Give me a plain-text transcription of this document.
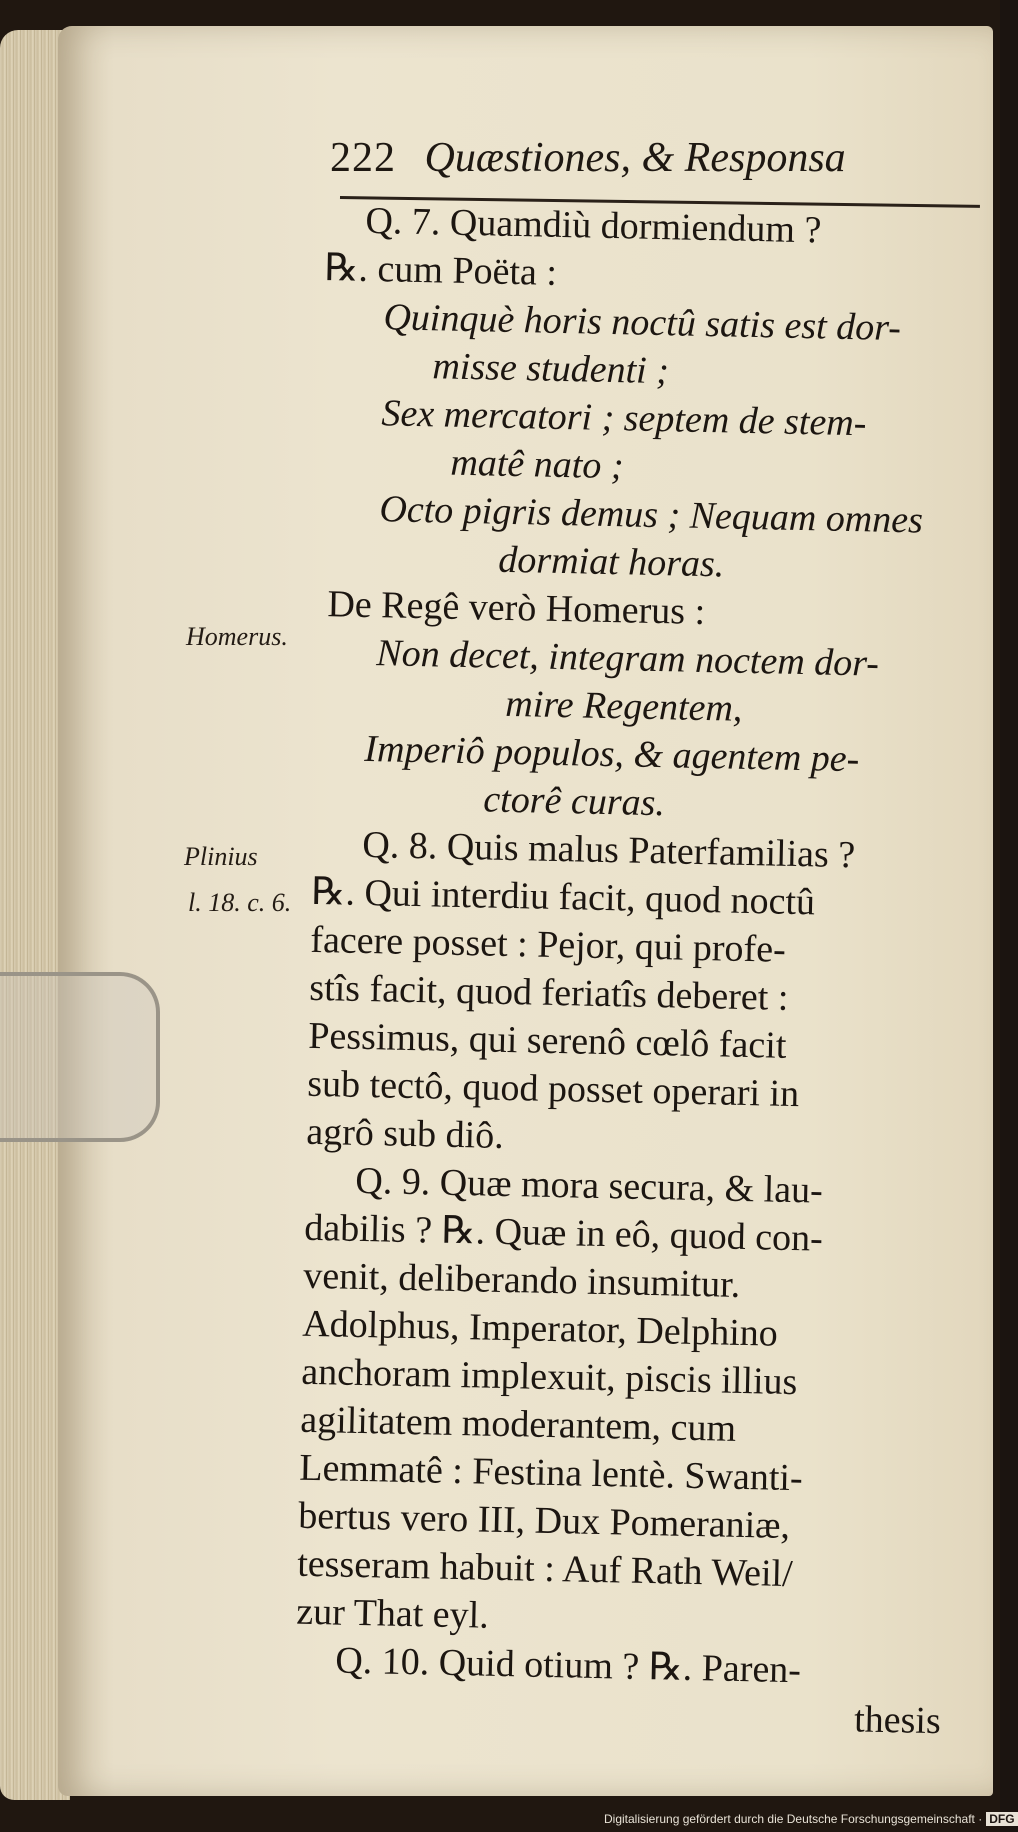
222 Quæstiones, & Responsa
Q. 7. Quamdiù dormiendum ?
℞. cum Poëta :
Quinquè horis noctû satis est dor-
misse studenti ;
Sex mercatori ; septem de stem-
matê nato ;
Octo pigris demus ; Nequam omnes
dormiat horas.
De Regê verò Homerus :
Non decet, integram noctem dor-
mire Regentem,
Imperiô populos, & agentem pe-
ctorê curas.
Q. 8. Quis malus Paterfamilias ?
℞. Qui interdiu facit, quod noctû
facere posset : Pejor, qui profe-
stîs facit, quod feriatîs deberet :
Pessimus, qui serenô cœlô facit
sub tectô, quod posset operari in
agrô sub diô.
Q. 9. Quæ mora secura, & lau-
dabilis ? ℞. Quæ in eô, quod con-
venit, deliberando insumitur.
Adolphus, Imperator, Delphino
anchoram implexuit, piscis illius
agilitatem moderantem, cum
Lemmatê : Festina lentè. Swanti-
bertus vero III, Dux Pomeraniæ,
tesseram habuit : Auf Rath Weil/
zur That eyl.
Q. 10. Quid otium ? ℞. Paren-
thesis
Homerus.
Plinius
l. 18. c. 6.
Digitalisierung gefördert durch die Deutsche Forschungsgemeinschaft · DFG
